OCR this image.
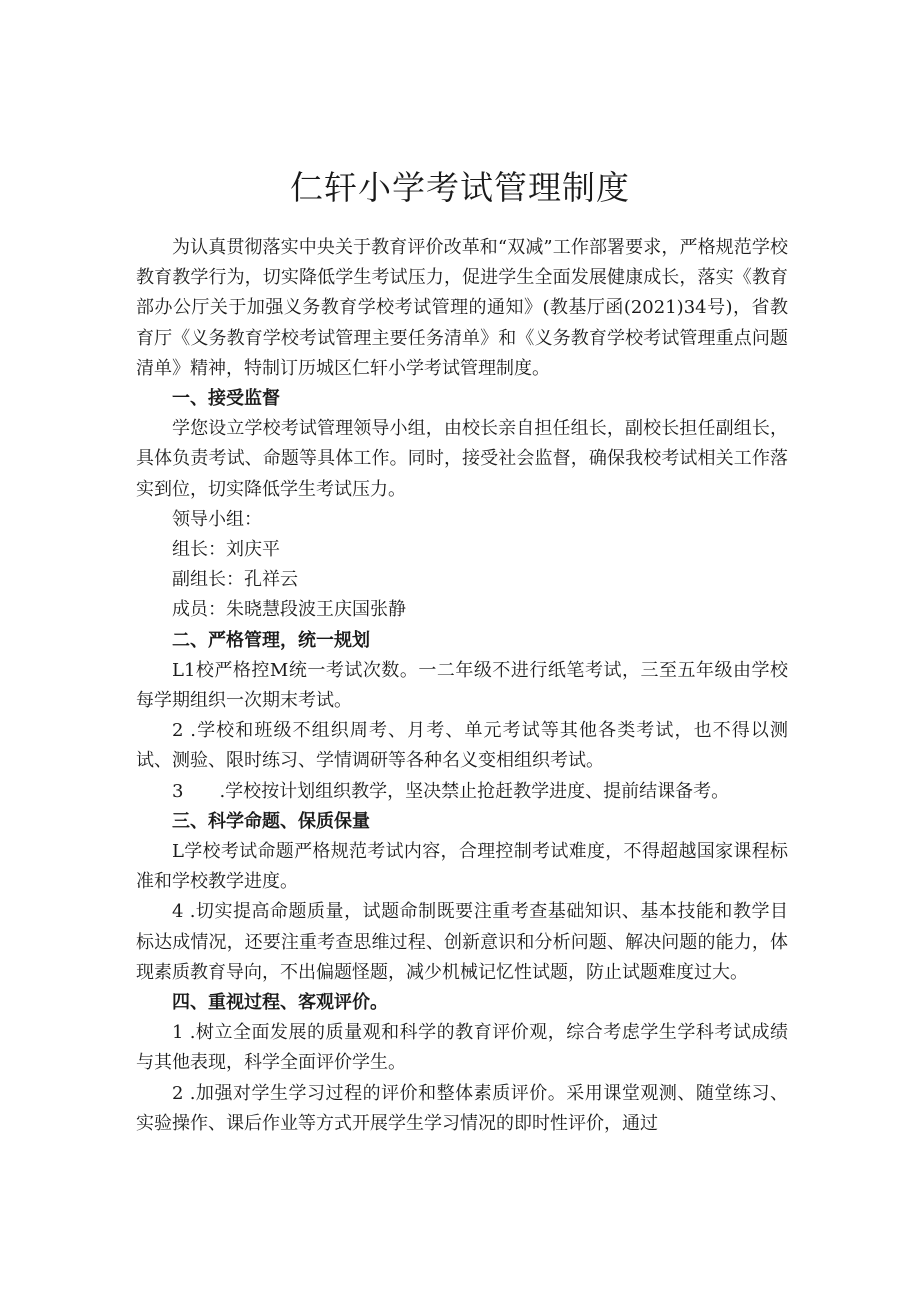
仁轩小学考试管理制度

为认真贯彻落实中央关于教育评价改革和“双减”工作部署要求，严格规范学校教育教学行为，切实降低学生考试压力，促进学生全面发展健康成长，落实《教育部办公厅关于加强义务教育学校考试管理的通知》(教基厅函(2021)34号)，省教育厅《义务教育学校考试管理主要任务清单》和《义务教育学校考试管理重点问题清单》精神，特制订历城区仁轩小学考试管理制度。

一、接受监督

学您设立学校考试管理领导小组，由校长亲自担任组长，副校长担任副组长，具体负责考试、命题等具体工作。同时，接受社会监督，确保我校考试相关工作落实到位，切实降低学生考试压力。

领导小组：

组长：刘庆平

副组长：孔祥云

成员：朱晓慧段波王庆国张静

二、严格管理，统一规划

L1校严格控M统一考试次数。一二年级不进行纸笔考试，三至五年级由学校每学期组织一次期末考试。

2 .学校和班级不组织周考、月考、单元考试等其他各类考试，也不得以测试、测验、限时练习、学情调研等各种名义变相组织考试。

3　　.学校按计划组织教学，坚决禁止抢赶教学进度、提前结课备考。

三、科学命题、保质保量

L学校考试命题严格规范考试内容，合理控制考试难度，不得超越国家课程标准和学校教学进度。

4 .切实提高命题质量，试题命制既要注重考查基础知识、基本技能和教学目标达成情况，还要注重考查思维过程、创新意识和分析问题、解决问题的能力，体现素质教育导向，不出偏题怪题，减少机械记忆性试题，防止试题难度过大。

四、重视过程、客观评价。

1 .树立全面发展的质量观和科学的教育评价观，综合考虑学生学科考试成绩与其他表现，科学全面评价学生。

2 .加强对学生学习过程的评价和整体素质评价。采用课堂观测、随堂练习、实验操作、课后作业等方式开展学生学习情况的即时性评价，通过
